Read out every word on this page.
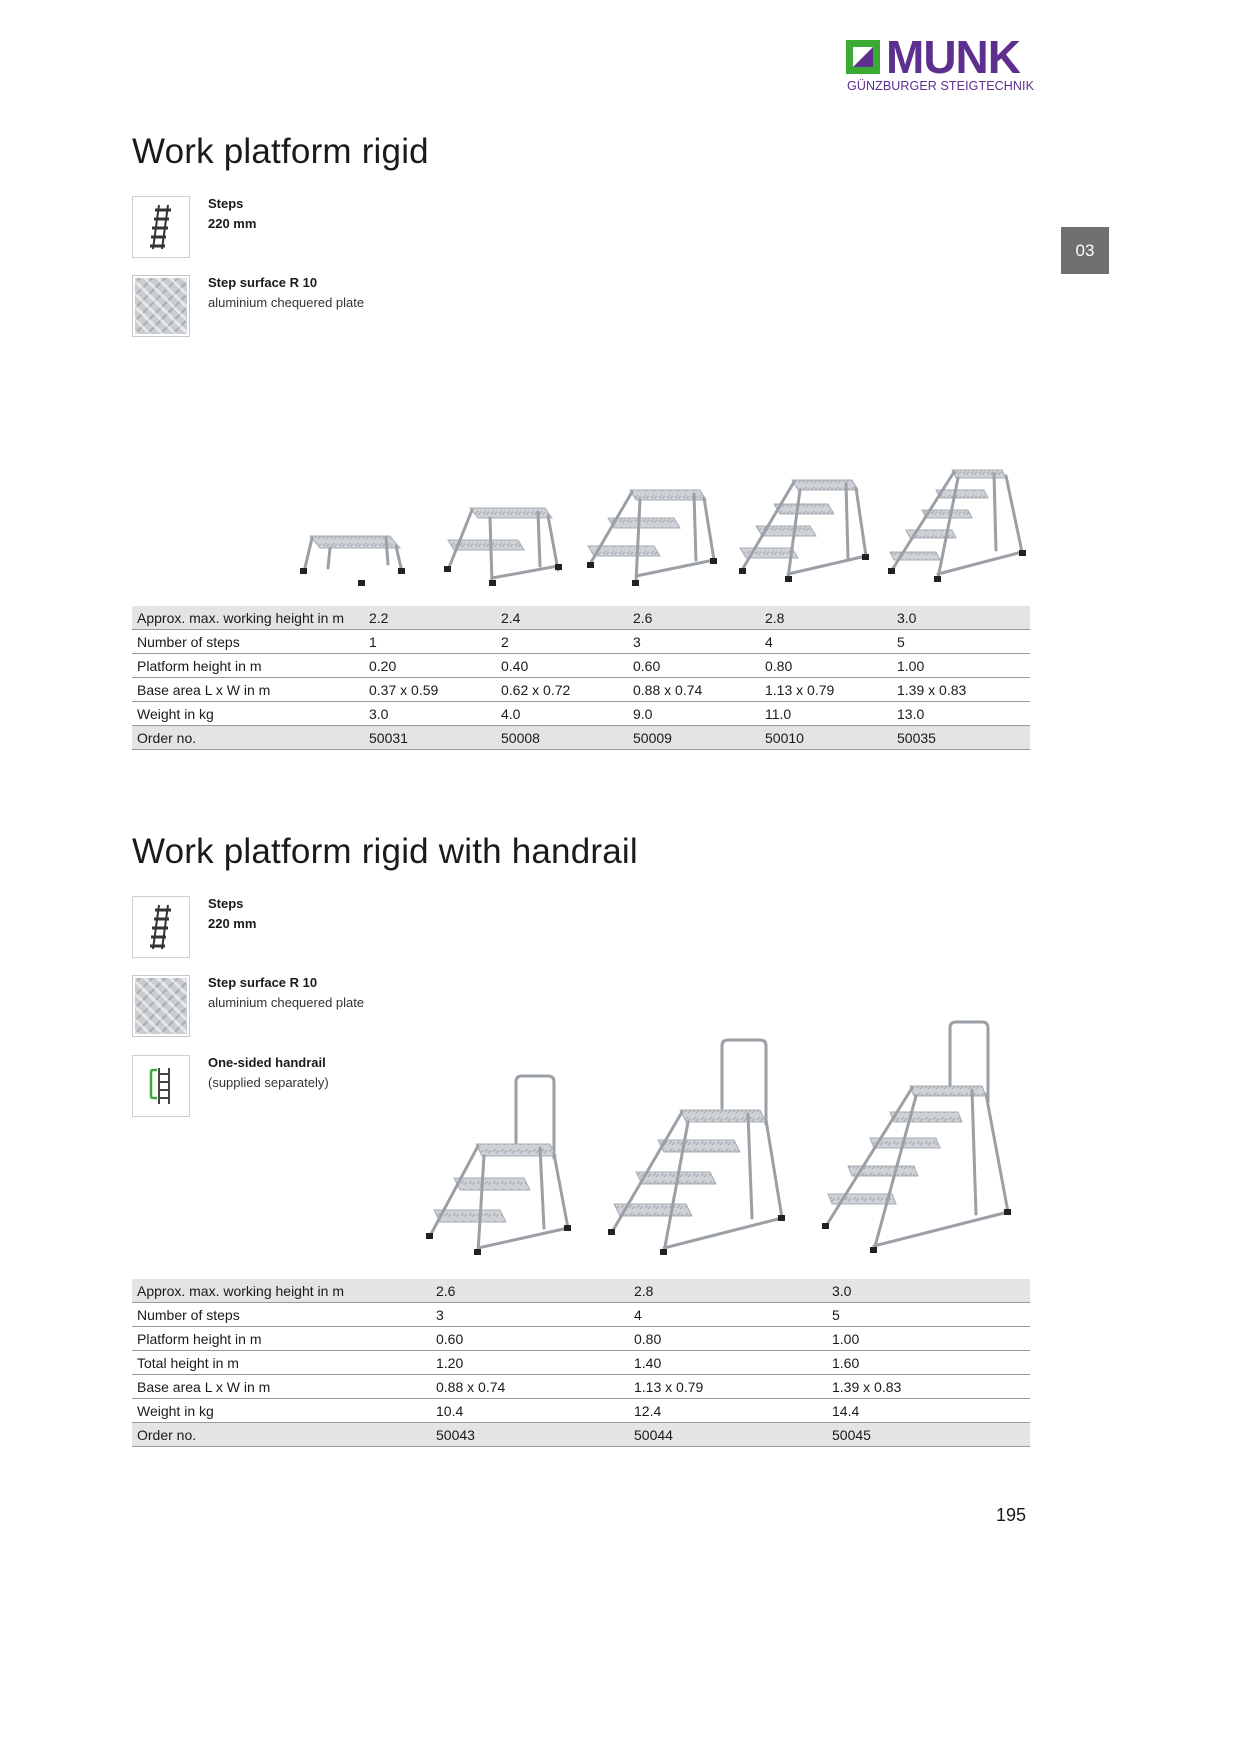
MUNK
GÜNZBURGER STEIGTECHNIK
03
Work platform rigid
Steps
220 mm
Step surface R 10
aluminium chequered plate
Approx. max. working height in m	2.2	2.4	2.6	2.8	3.0
Number of steps	1	2	3	4	5
Platform height in m	0.20	0.40	0.60	0.80	1.00
Base area L x W in m	0.37 x 0.59	0.62 x 0.72	0.88 x 0.74	1.13 x 0.79	1.39 x 0.83
Weight in kg	3.0	4.0	9.0	11.0	13.0
Order no.	50031	50008	50009	50010	50035
Work platform rigid with handrail
Steps
220 mm
Step surface R 10
aluminium chequered plate
One-sided handrail
(supplied separately)
Approx. max. working height in m	2.6	2.8	3.0
Number of steps	3	4	5
Platform height in m	0.60	0.80	1.00
Total height in m	1.20	1.40	1.60
Base area L x W in m	0.88 x 0.74	1.13 x 0.79	1.39 x 0.83
Weight in kg	10.4	12.4	14.4
Order no.	50043	50044	50045
195
